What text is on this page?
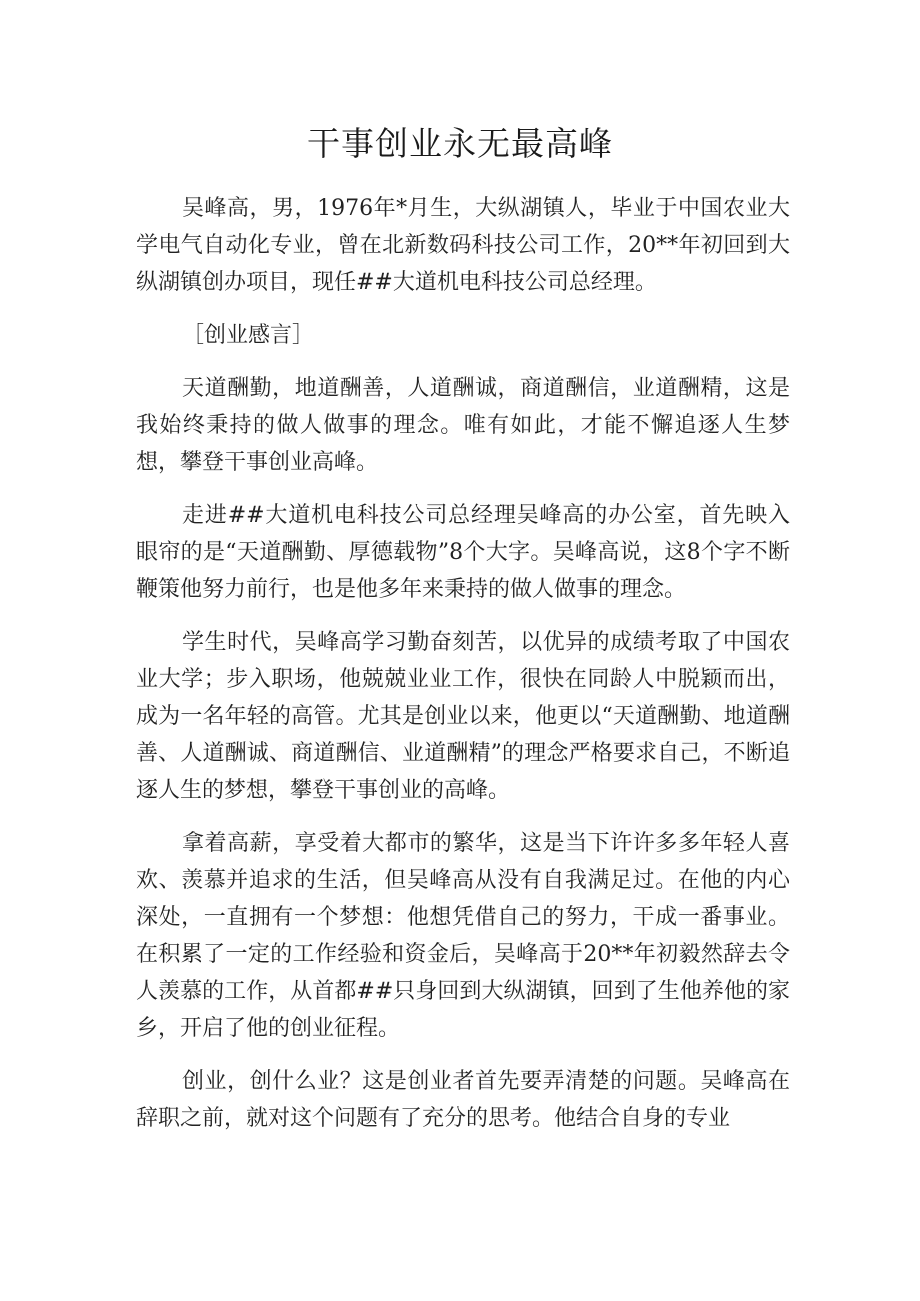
干事创业永无最高峰

吴峰高，男，1976年*月生，大纵湖镇人，毕业于中国农业大学电气自动化专业，曾在北新数码科技公司工作，20**年初回到大纵湖镇创办项目，现任##大道机电科技公司总经理。

［创业感言］

天道酬勤，地道酬善，人道酬诚，商道酬信，业道酬精，这是我始终秉持的做人做事的理念。唯有如此，才能不懈追逐人生梦想，攀登干事创业高峰。

走进##大道机电科技公司总经理吴峰高的办公室，首先映入眼帘的是“天道酬勤、厚德载物”8个大字。吴峰高说，这8个字不断鞭策他努力前行，也是他多年来秉持的做人做事的理念。

学生时代，吴峰高学习勤奋刻苦，以优异的成绩考取了中国农业大学；步入职场，他兢兢业业工作，很快在同龄人中脱颖而出，成为一名年轻的高管。尤其是创业以来，他更以“天道酬勤、地道酬善、人道酬诚、商道酬信、业道酬精”的理念严格要求自己，不断追逐人生的梦想，攀登干事创业的高峰。

拿着高薪，享受着大都市的繁华，这是当下许许多多年轻人喜欢、羡慕并追求的生活，但吴峰高从没有自我满足过。在他的内心深处，一直拥有一个梦想：他想凭借自己的努力，干成一番事业。在积累了一定的工作经验和资金后，吴峰高于20**年初毅然辞去令人羡慕的工作，从首都##只身回到大纵湖镇，回到了生他养他的家乡，开启了他的创业征程。

创业，创什么业？这是创业者首先要弄清楚的问题。吴峰高在辞职之前，就对这个问题有了充分的思考。他结合自身的专业
